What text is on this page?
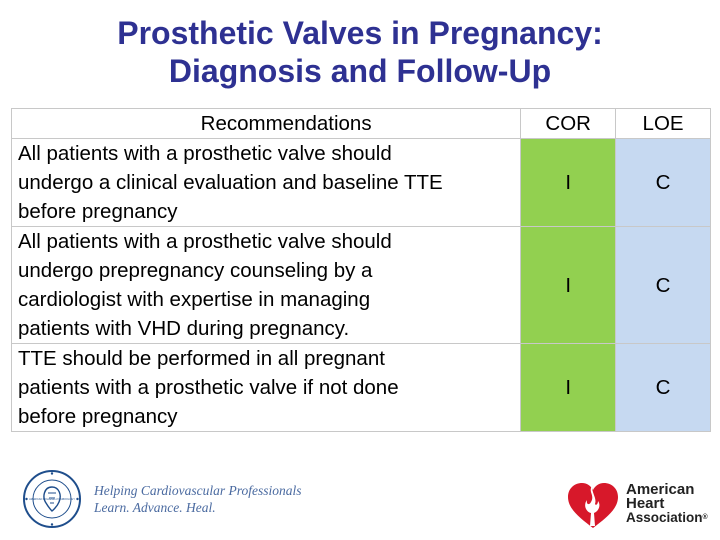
Prosthetic Valves in Pregnancy:
Diagnosis and Follow-Up
Recommendations	COR	LOE

All patients with a prosthetic valve should
undergo a clinical evaluation and baseline TTE
before pregnancy	I	C

All patients with a prosthetic valve should
undergo prepregnancy counseling by a
cardiologist with expertise in managing
patients with VHD during pregnancy.	I	C

TTE should be performed in all pregnant
patients with a prosthetic valve if not done
before pregnancy	I	C
AMERICAN COLLEGE of CARDIOLOGY
Helping Cardiovascular Professionals
Learn. Advance. Heal.
American
Heart
Association®
